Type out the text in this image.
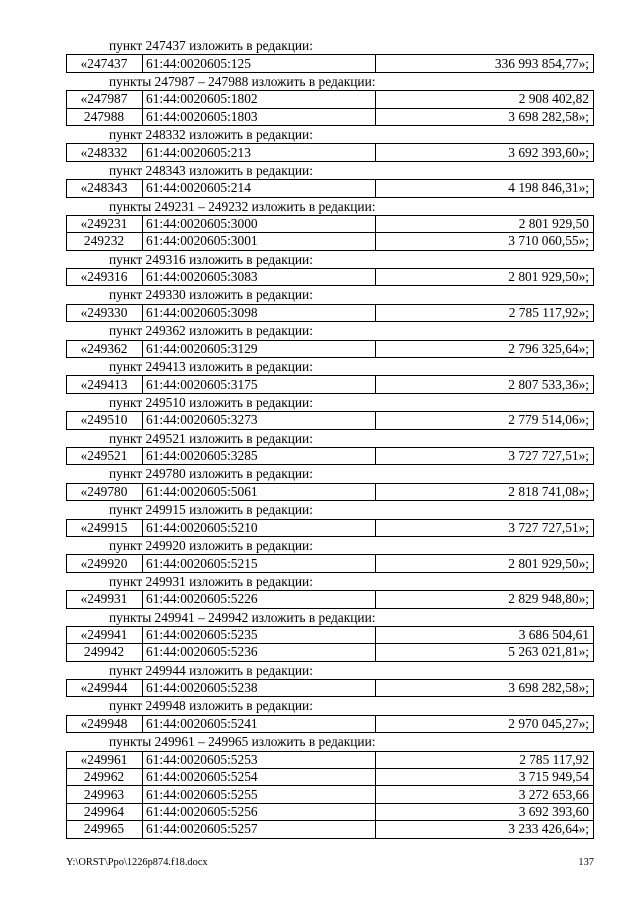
пункт 247437 изложить в редакции:
«247437	61:44:0020605:125	336 993 854,77»;
пункты 247987 – 247988 изложить в редакции:
«247987	61:44:0020605:1802	2 908 402,82
247988	61:44:0020605:1803	3 698 282,58»;
пункт 248332 изложить в редакции:
«248332	61:44:0020605:213	3 692 393,60»;
пункт 248343 изложить в редакции:
«248343	61:44:0020605:214	4 198 846,31»;
пункты 249231 – 249232 изложить в редакции:
«249231	61:44:0020605:3000	2 801 929,50
249232	61:44:0020605:3001	3 710 060,55»;
пункт 249316 изложить в редакции:
«249316	61:44:0020605:3083	2 801 929,50»;
пункт 249330 изложить в редакции:
«249330	61:44:0020605:3098	2 785 117,92»;
пункт 249362 изложить в редакции:
«249362	61:44:0020605:3129	2 796 325,64»;
пункт 249413 изложить в редакции:
«249413	61:44:0020605:3175	2 807 533,36»;
пункт 249510 изложить в редакции:
«249510	61:44:0020605:3273	2 779 514,06»;
пункт 249521 изложить в редакции:
«249521	61:44:0020605:3285	3 727 727,51»;
пункт 249780 изложить в редакции:
«249780	61:44:0020605:5061	2 818 741,08»;
пункт 249915 изложить в редакции:
«249915	61:44:0020605:5210	3 727 727,51»;
пункт 249920 изложить в редакции:
«249920	61:44:0020605:5215	2 801 929,50»;
пункт 249931 изложить в редакции:
«249931	61:44:0020605:5226	2 829 948,80»;
пункты 249941 – 249942 изложить в редакции:
«249941	61:44:0020605:5235	3 686 504,61
249942	61:44:0020605:5236	5 263 021,81»;
пункт 249944 изложить в редакции:
«249944	61:44:0020605:5238	3 698 282,58»;
пункт 249948 изложить в редакции:
«249948	61:44:0020605:5241	2 970 045,27»;
пункты 249961 – 249965 изложить в редакции:
«249961	61:44:0020605:5253	2 785 117,92
249962	61:44:0020605:5254	3 715 949,54
249963	61:44:0020605:5255	3 272 653,66
249964	61:44:0020605:5256	3 692 393,60
249965	61:44:0020605:5257	3 233 426,64»;
Y:\ORST\Ppo\1226p874.f18.docx	137
